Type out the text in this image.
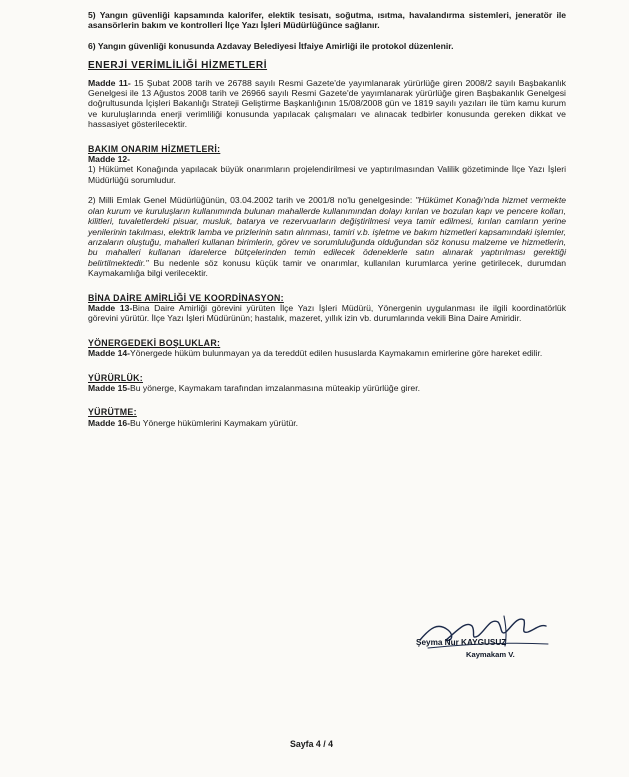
5) Yangın güvenliği kapsamında kalorifer, elektik tesisatı, soğutma, ısıtma, havalandırma sistemleri, jeneratör ile asansörlerin bakım ve kontrolleri İlçe Yazı İşleri Müdürlüğünce sağlanır.

6) Yangın güvenliği konusunda Azdavay Belediyesi İtfaiye Amirliği ile protokol düzenlenir.

ENERJİ VERİMLİLİĞİ HİZMETLERİ

Madde 11- 15 Şubat 2008 tarih ve 26788 sayılı Resmi Gazete'de yayımlanarak yürürlüğe giren 2008/2 sayılı Başbakanlık Genelgesi ile 13 Ağustos 2008 tarih ve 26966 sayılı Resmi Gazete'de yayımlanarak yürürlüğe giren Başbakanlık Genelgesi doğrultusunda İçişleri Bakanlığı Strateji Geliştirme Başkanlığının 15/08/2008 gün ve 1819 sayılı yazıları ile tüm kamu kurum ve kuruluşlarında enerji verimliliği konusunda yapılacak çalışmaları ve alınacak tedbirler konusunda gereken dikkat ve hassasiyet gösterilecektir.

BAKIM ONARIM HİZMETLERİ:

Madde 12-

1) Hükümet Konağında yapılacak büyük onarımların projelendirilmesi ve yaptırılmasından Valilik gözetiminde İlçe Yazı İşleri Müdürlüğü sorumludur.

2) Milli Emlak Genel Müdürlüğünün, 03.04.2002 tarih ve 2001/8 no'lu genelgesinde: "Hükümet Konağı'nda hizmet vermekte olan kurum ve kuruluşların kullanımında bulunan mahallerde kullanımından dolayı kırılan ve bozulan kapı ve pencere kolları, kilitleri, tuvaletlerdeki pisuar, musluk, batarya ve rezervuarların değiştirilmesi veya tamir edilmesi, kırılan camların yerine yenilerinin takılması, elektrik lamba ve prizlerinin satın alınması, tamiri v.b. işletme ve bakım hizmetleri kapsamındaki işlemler, arızaların oluştuğu, mahalleri kullanan birimlerin, görev ve sorumluluğunda olduğundan söz konusu malzeme ve hizmetlerin, bu mahalleri kullanan idarelerce bütçelerinden temin edilecek ödeneklerle satın alınarak yaptırılması gerektiği belirtilmektedir." Bu nedenle söz konusu küçük tamir ve onarımlar, kullanılan kurumlarca yerine getirilecek, durumdan Kaymakamlığa bilgi verilecektir.

BİNA DAİRE AMİRLİĞİ VE KOORDİNASYON:

Madde 13-Bina Daire Amirliği görevini yürüten İlçe Yazı İşleri Müdürü, Yönergenin uygulanması ile ilgili koordinatörlük görevini yürütür. İlçe Yazı İşleri Müdürünün; hastalık, mazeret, yıllık izin vb. durumlarında vekili Bina Daire Amiridir.

YÖNERGEDEKİ BOŞLUKLAR:

Madde 14-Yönergede hüküm bulunmayan ya da tereddüt edilen hususlarda Kaymakamın emirlerine göre hareket edilir.

YÜRÜRLÜK:

Madde 15-Bu yönerge, Kaymakam tarafından imzalanmasına müteakip yürürlüğe girer.

YÜRÜTME:

Madde 16-Bu Yönerge hükümlerini Kaymakam yürütür.

Şeyma Nur KAYGUSUZ
Kaymakam V.
Sayfa 4 / 4
